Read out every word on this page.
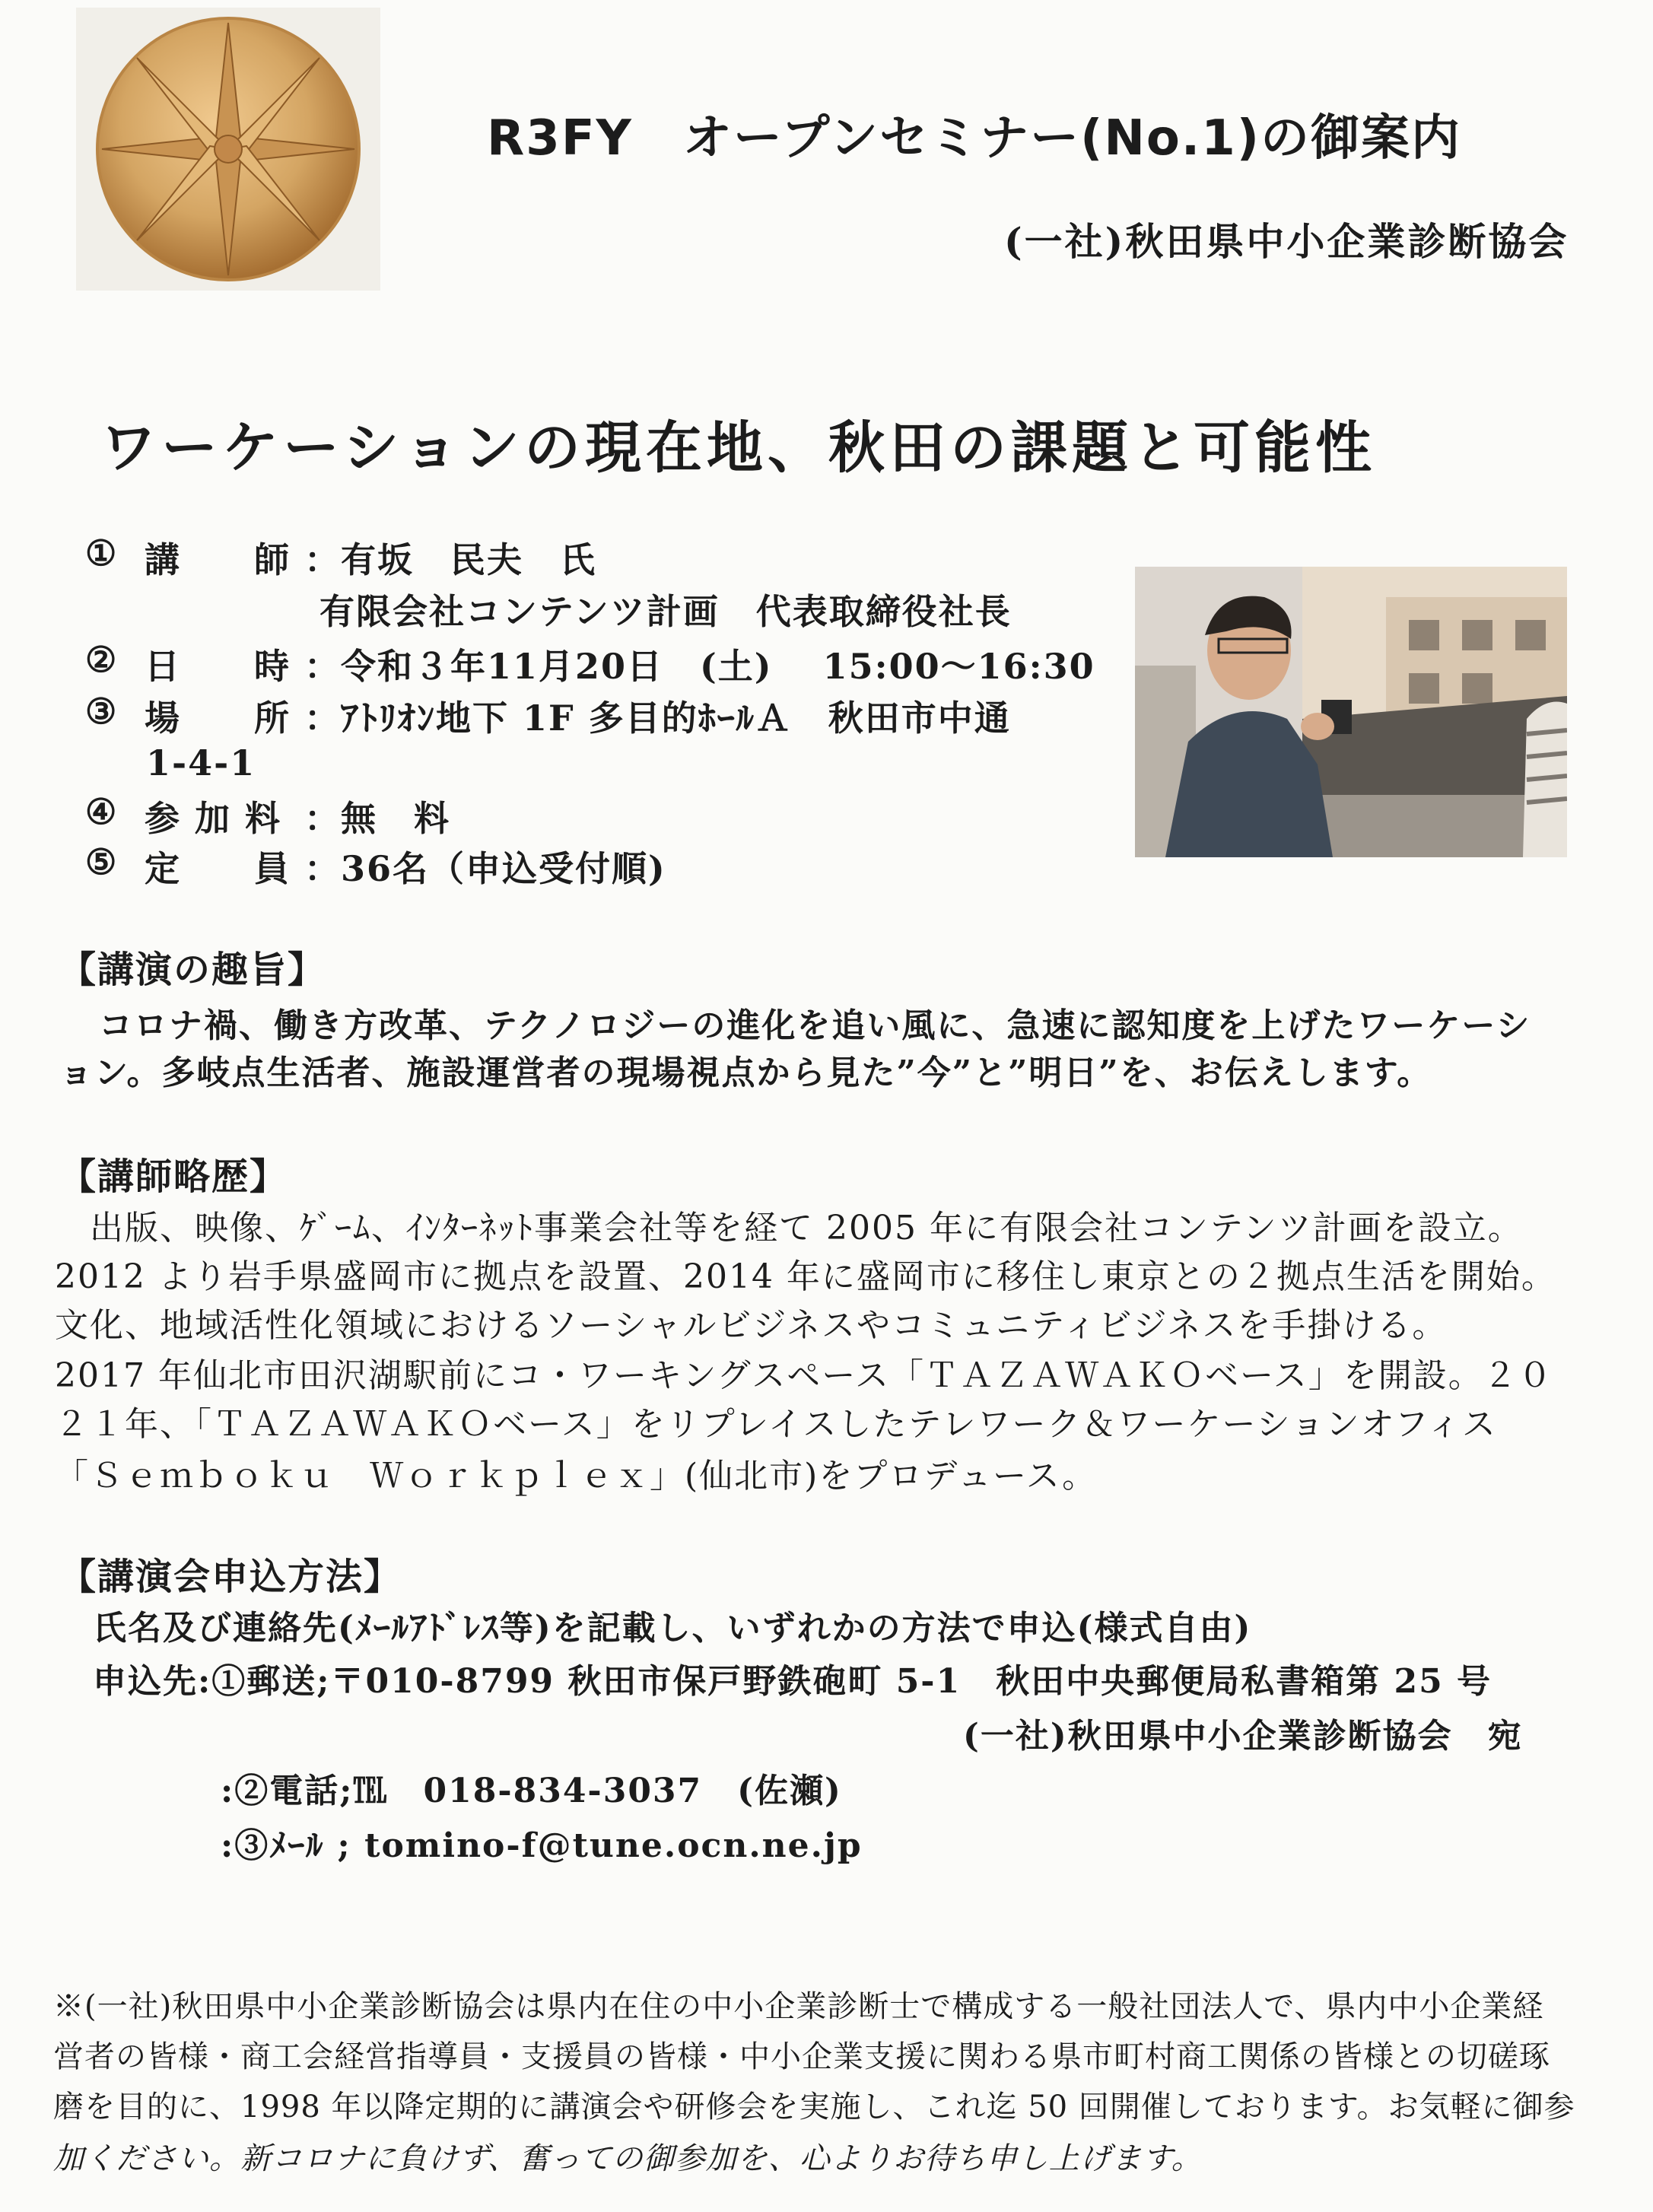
R3FY　オープンセミナー(No.1)の御案内
(一社)秋田県中小企業診断協会
ワーケーションの現在地、秋田の課題と可能性
① 講　　師 ：有坂　民夫　氏
有限会社コンテンツ計画　代表取締役社長
② 日　　時 ：令和３年11月20日　(土)　 15:00～16:30
③ 場　　所 ：ｱﾄﾘｵﾝ地下 1F 多目的ﾎｰﾙＡ　秋田市中通
1-4-1
④ 参 加 料 ：無　料
⑤ 定　　員 ：36名（申込受付順)
【講演の趣旨】
　コロナ禍、働き方改革、テクノロジーの進化を追い風に、急速に認知度を上げたワーケーシ
ョン。多岐点生活者、施設運営者の現場視点から見た”今”と”明日”を、お伝えします。
【講師略歴】
　出版、映像、ｹﾞｰﾑ、ｲﾝﾀｰﾈｯﾄ事業会社等を経て 2005 年に有限会社コンテンツ計画を設立。
2012 より岩手県盛岡市に拠点を設置、2014 年に盛岡市に移住し東京との２拠点生活を開始。
文化、地域活性化領域におけるソーシャルビジネスやコミュニティビジネスを手掛ける。
2017 年仙北市田沢湖駅前にコ・ワーキングスペース「ＴＡＺＡＷＡＫＯベース」を開設。２０
２１年、「ＴＡＺＡＷＡＫＯベース」をリプレイスしたテレワーク＆ワーケーションオフィス
「Ｓｅｍｂｏｋｕ　Ｗｏｒｋｐｌｅｘ」(仙北市)をプロデュース。
【講演会申込方法】
氏名及び連絡先(ﾒｰﾙｱﾄﾞﾚｽ等)を記載し、いずれかの方法で申込(様式自由)
申込先:①郵送;〒010-8799 秋田市保戸野鉄砲町 5-1　秋田中央郵便局私書箱第 25 号
(一社)秋田県中小企業診断協会　宛
:②電話;℡　018-834-3037　(佐瀬)
:③ﾒｰﾙ ; tomino-f@tune.ocn.ne.jp
※(一社)秋田県中小企業診断協会は県内在住の中小企業診断士で構成する一般社団法人で、県内中小企業経
営者の皆様・商工会経営指導員・支援員の皆様・中小企業支援に関わる県市町村商工関係の皆様との切磋琢
磨を目的に、1998 年以降定期的に講演会や研修会を実施し、これ迄 50 回開催しております。お気軽に御参
加ください。新コロナに負けず、奮っての御参加を、心よりお待ち申し上げます。
